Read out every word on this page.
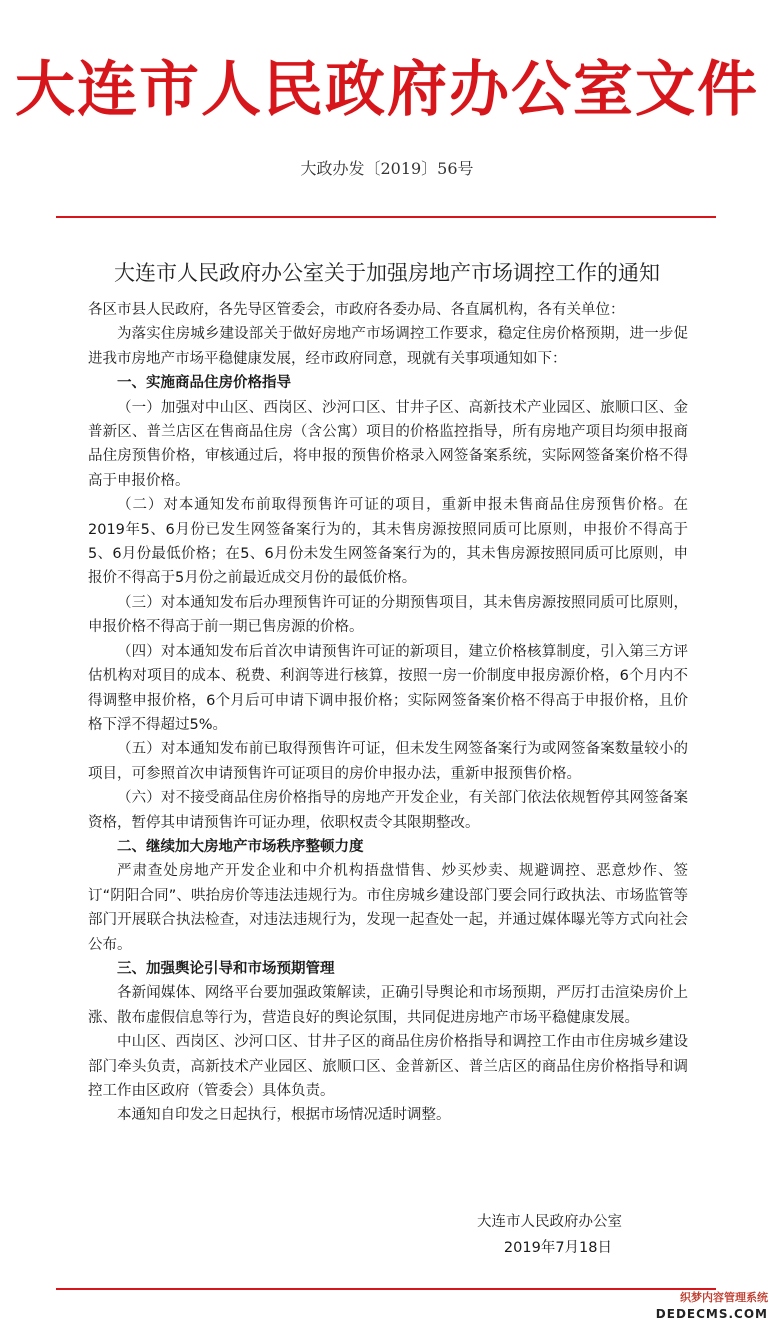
大连市人民政府办公室文件
大政办发〔2019〕56号
大连市人民政府办公室关于加强房地产市场调控工作的通知

各区市县人民政府，各先导区管委会，市政府各委办局、各直属机构，各有关单位：

为落实住房城乡建设部关于做好房地产市场调控工作要求，稳定住房价格预期，进一步促进我市房地产市场平稳健康发展，经市政府同意，现就有关事项通知如下：

一、实施商品住房价格指导

（一）加强对中山区、西岗区、沙河口区、甘井子区、高新技术产业园区、旅顺口区、金普新区、普兰店区在售商品住房（含公寓）项目的价格监控指导，所有房地产项目均须申报商品住房预售价格，审核通过后，将申报的预售价格录入网签备案系统，实际网签备案价格不得高于申报价格。

（二）对本通知发布前取得预售许可证的项目，重新申报未售商品住房预售价格。在2019年5、6月份已发生网签备案行为的，其未售房源按照同质可比原则，申报价不得高于5、6月份最低价格；在5、6月份未发生网签备案行为的，其未售房源按照同质可比原则，申报价不得高于5月份之前最近成交月份的最低价格。

（三）对本通知发布后办理预售许可证的分期预售项目，其未售房源按照同质可比原则，申报价格不得高于前一期已售房源的价格。

（四）对本通知发布后首次申请预售许可证的新项目，建立价格核算制度，引入第三方评估机构对项目的成本、税费、利润等进行核算，按照一房一价制度申报房源价格，6个月内不得调整申报价格，6个月后可申请下调申报价格；实际网签备案价格不得高于申报价格，且价格下浮不得超过5%。

（五）对本通知发布前已取得预售许可证，但未发生网签备案行为或网签备案数量较小的项目，可参照首次申请预售许可证项目的房价申报办法，重新申报预售价格。

（六）对不接受商品住房价格指导的房地产开发企业，有关部门依法依规暂停其网签备案资格，暂停其申请预售许可证办理，依职权责令其限期整改。

二、继续加大房地产市场秩序整顿力度

严肃查处房地产开发企业和中介机构捂盘惜售、炒买炒卖、规避调控、恶意炒作、签订“阴阳合同”、哄抬房价等违法违规行为。市住房城乡建设部门要会同行政执法、市场监管等部门开展联合执法检查，对违法违规行为，发现一起查处一起，并通过媒体曝光等方式向社会公布。

三、加强舆论引导和市场预期管理

各新闻媒体、网络平台要加强政策解读，正确引导舆论和市场预期，严厉打击渲染房价上涨、散布虚假信息等行为，营造良好的舆论氛围，共同促进房地产市场平稳健康发展。

中山区、西岗区、沙河口区、甘井子区的商品住房价格指导和调控工作由市住房城乡建设部门牵头负责，高新技术产业园区、旅顺口区、金普新区、普兰店区的商品住房价格指导和调控工作由区政府（管委会）具体负责。

本通知自印发之日起执行，根据市场情况适时调整。

大连市人民政府办公室
2019年7月18日
织梦内容管理系统
DEDECMS.COM
